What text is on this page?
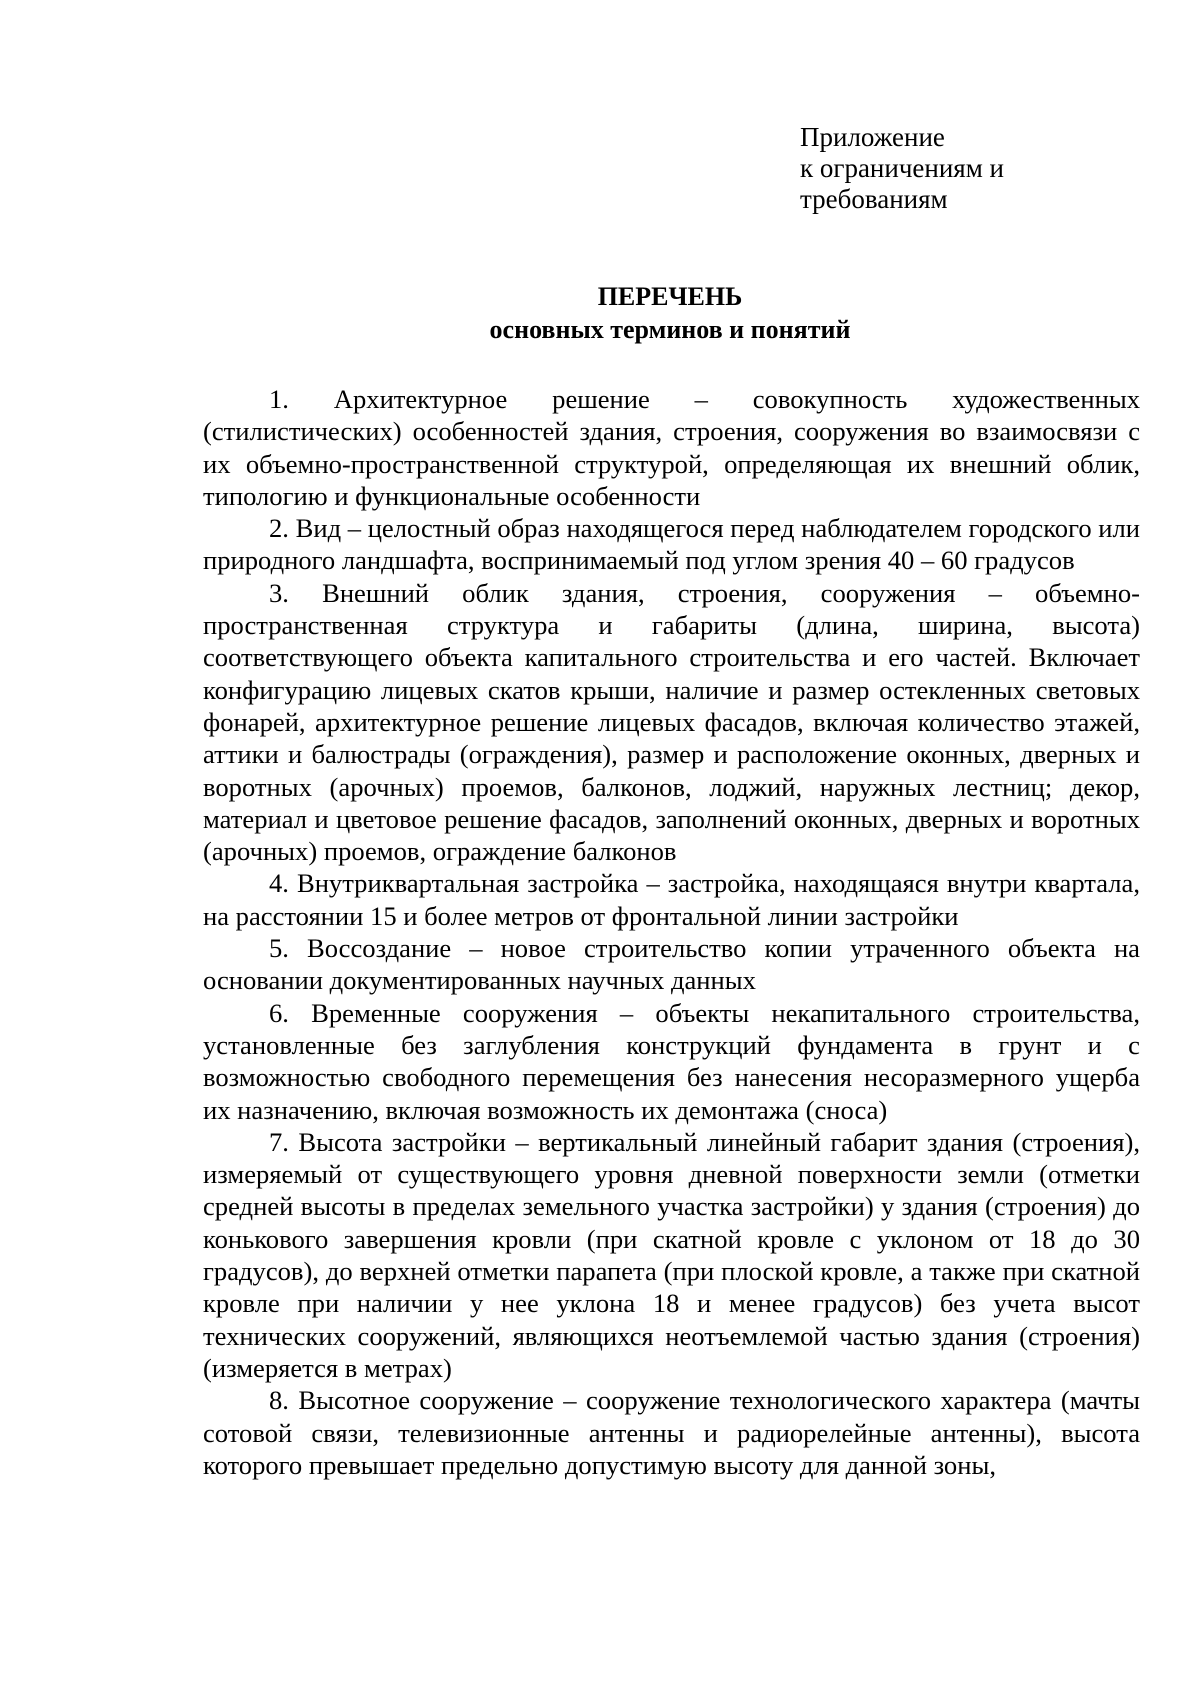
Приложение
к ограничениям и
требованиям
ПЕРЕЧЕНЬ
основных терминов и понятий

1. Архитектурное решение – совокупность художественных (стилистических) особенностей здания, строения, сооружения во взаимосвязи с их объемно-пространственной структурой, определяющая их внешний облик, типологию и функциональные особенности

2. Вид – целостный образ находящегося перед наблюдателем городского или природного ландшафта, воспринимаемый под углом зрения 40 – 60 градусов

3. Внешний облик здания, строения, сооружения – объемно-пространственная структура и габариты (длина, ширина, высота) соответствующего объекта капитального строительства и его частей. Включает конфигурацию лицевых скатов крыши, наличие и размер остекленных световых фонарей, архитектурное решение лицевых фасадов, включая количество этажей, аттики и балюстрады (ограждения), размер и расположение оконных, дверных и воротных (арочных) проемов, балконов, лоджий, наружных лестниц; декор, материал и цветовое решение фасадов, заполнений оконных, дверных и воротных (арочных) проемов, ограждение балконов

4. Внутриквартальная застройка – застройка, находящаяся внутри квартала, на расстоянии 15 и более метров от фронтальной линии застройки

5. Воссоздание – новое строительство копии утраченного объекта на основании документированных научных данных

6. Временные сооружения – объекты некапитального строительства, установленные без заглубления конструкций фундамента в грунт и с возможностью свободного перемещения без нанесения несоразмерного ущерба их назначению, включая возможность их демонтажа (сноса)

7. Высота застройки – вертикальный линейный габарит здания (строения), измеряемый от существующего уровня дневной поверхности земли (отметки средней высоты в пределах земельного участка застройки) у здания (строения) до конькового завершения кровли (при скатной кровле с уклоном от 18 до 30 градусов), до верхней отметки парапета (при плоской кровле, а также при скатной кровле при наличии у нее уклона 18 и менее градусов) без учета высот технических сооружений, являющихся неотъемлемой частью здания (строения) (измеряется в метрах)

8. Высотное сооружение – сооружение технологического характера (мачты сотовой связи, телевизионные антенны и радиорелейные антенны), высота которого превышает предельно допустимую высоту для данной зоны,
